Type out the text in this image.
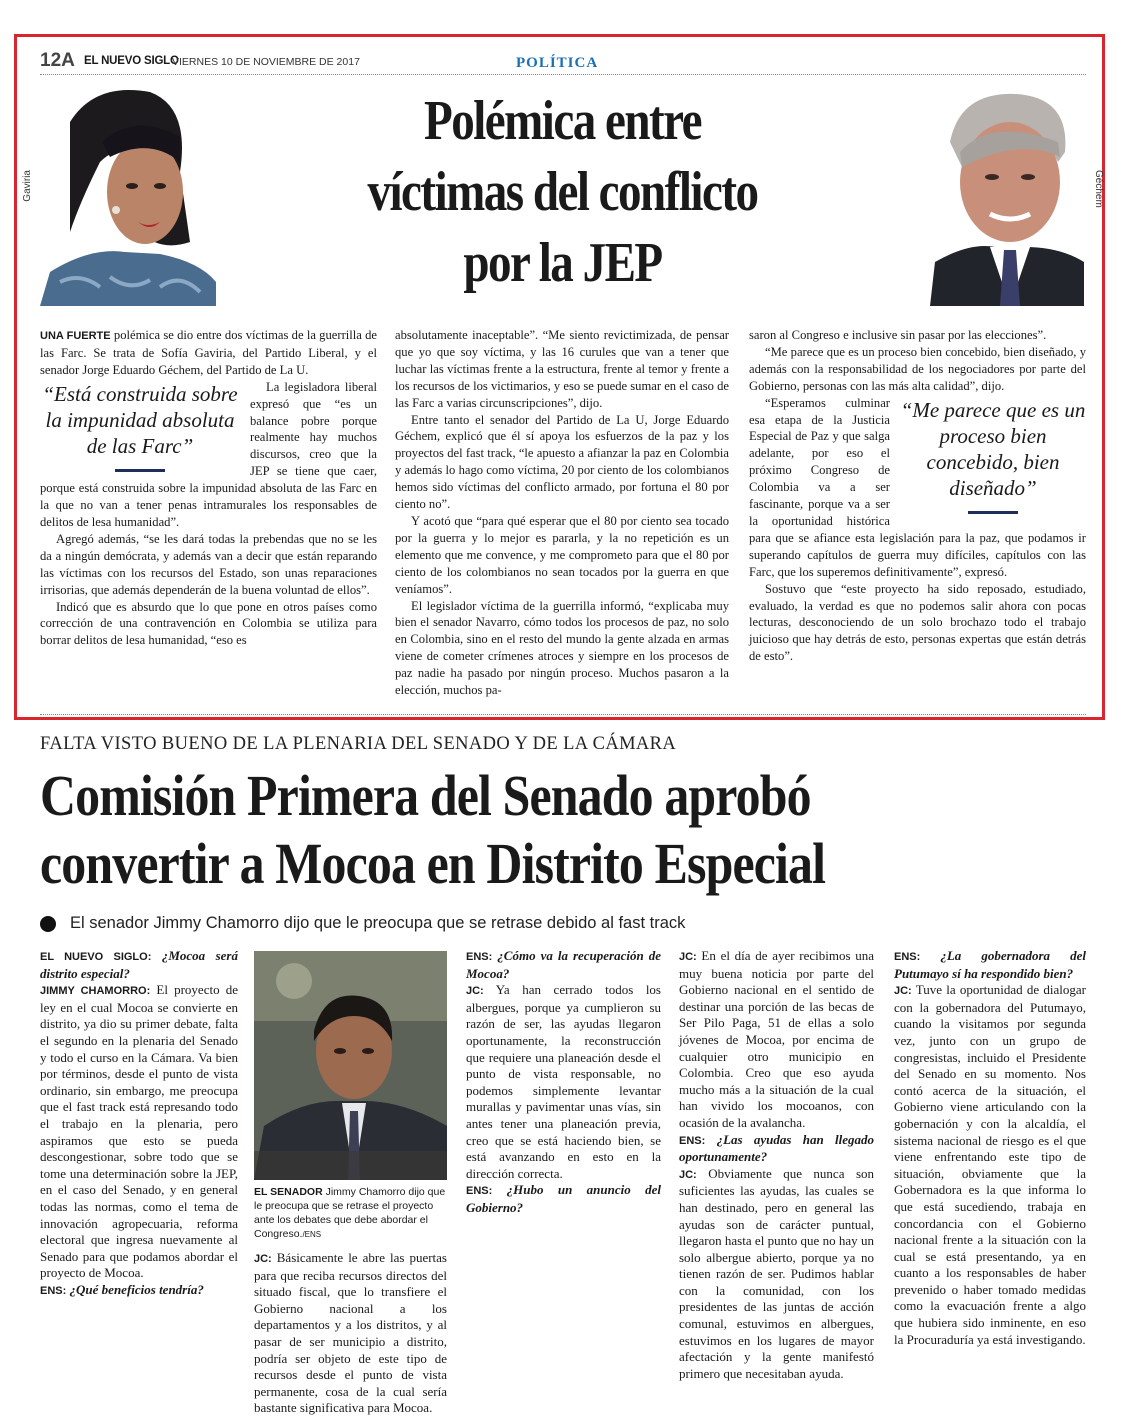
12A EL NUEVO SIGLO
VIERNES 10 DE NOVIEMBRE DE 2017	POLÍTICA
Gaviria	Géchem
Polémica entre víctimas del conflicto por la JEP

UNA FUERTE polémica se dio entre dos víctimas de la guerrilla de las Farc. Se trata de Sofía Gaviria, del Partido Liberal, y el senador Jorge Eduardo Géchem, del Partido de La U.

“Está construida sobre la impunidad absoluta de las Farc”

La legisladora liberal expresó que “es un balance pobre porque realmente hay muchos discursos, creo que la JEP se tiene que caer, porque está construida sobre la impunidad absoluta de las Farc en la que no van a tener penas intramurales los responsables de delitos de lesa humanidad”.

Agregó además, “se les dará todas la prebendas que no se les da a ningún demócrata, y además van a decir que están reparando las víctimas con los recursos del Estado, son unas reparaciones irrisorias, que además dependerán de la buena voluntad de ellos”.

Indicó que es absurdo que lo que pone en otros países como corrección de una contravención en Colombia se utiliza para borrar delitos de lesa humanidad, “eso es

absolutamente inaceptable”. “Me siento revictimizada, de pensar que yo que soy víctima, y las 16 curules que van a tener que luchar las víctimas frente a la estructura, frente al temor y frente a los recursos de los victimarios, y eso se puede sumar en el caso de las Farc a varias circunscripciones”, dijo.

Entre tanto el senador del Partido de La U, Jorge Eduardo Géchem, explicó que él sí apoya los esfuerzos de la paz y los proyectos del fast track, “le apuesto a afianzar la paz en Colombia y además lo hago como víctima, 20 por ciento de los colombianos hemos sido víctimas del conflicto armado, por fortuna el 80 por ciento no”.

Y acotó que “para qué esperar que el 80 por ciento sea tocado por la guerra y lo mejor es pararla, y la no repetición es un elemento que me convence, y me comprometo para que el 80 por ciento de los colombianos no sean tocados por la guerra en que veníamos”.

El legislador víctima de la guerrilla informó, “explicaba muy bien el senador Navarro, cómo todos los procesos de paz, no solo en Colombia, sino en el resto del mundo la gente alzada en armas viene de cometer crímenes atroces y siempre en los procesos de paz nadie ha pasado por ningún proceso. Muchos pasaron a la elección, muchos pa-

saron al Congreso e inclusive sin pasar por las elecciones”.

“Me parece que es un proceso bien concebido, bien diseñado, y además con la responsabilidad de los negociadores por parte del Gobierno, personas con las más alta calidad”, dijo.

“Me parece que es un proceso bien concebido, bien diseñado”

“Esperamos culminar esa etapa de la Justicia Especial de Paz y que salga adelante, por eso el próximo Congreso de Colombia va a ser fascinante, porque va a ser la oportunidad histórica para que se afiance esta legislación para la paz, que podamos ir superando capítulos de guerra muy difíciles, capítulos con las Farc, que los superemos definitivamente”, expresó.

Sostuvo que “este proyecto ha sido reposado, estudiado, evaluado, la verdad es que no podemos salir ahora con pocas lecturas, desconociendo de un solo brochazo todo el trabajo juicioso que hay detrás de esto, personas expertas que están detrás de esto”.

FALTA VISTO BUENO DE LA PLENARIA DEL SENADO Y DE LA CÁMARA
Comisión Primera del Senado aprobó
convertir a Mocoa en Distrito Especial
El senador Jimmy Chamorro dijo que le preocupa que se retrase debido al fast track
EL SENADOR Jimmy Chamorro dijo que le preocupa que se retrase el proyecto ante los debates que debe abordar el Congreso./ENS

EL NUEVO SIGLO: ¿Mocoa será distrito especial?

JIMMY CHAMORRO: El proyecto de ley en el cual Mocoa se convierte en distrito, ya dio su primer debate, falta el segundo en la plenaria del Senado y todo el curso en la Cámara. Va bien por términos, desde el punto de vista ordinario, sin embargo, me preocupa que el fast track está represando todo el trabajo en la plenaria, pero aspiramos que esto se pueda descongestionar, sobre todo que se tome una determinación sobre la JEP, en el caso del Senado, y en general todas las normas, como el tema de innovación agropecuaria, reforma electoral que ingresa nuevamente al Senado para que podamos abordar el proyecto de Mocoa.

ENS: ¿Qué beneficios tendría?

JC: Básicamente le abre las puertas para que reciba recursos directos del situado fiscal, que lo transfiere el Gobierno nacional a los departamentos y a los distritos, y al pasar de ser municipio a distrito, podría ser objeto de este tipo de recursos desde el punto de vista permanente, cosa de la cual sería bastante significativa para Mocoa.

ENS: ¿Cómo va la recuperación de Mocoa?

JC: Ya han cerrado todos los albergues, porque ya cumplieron su razón de ser, las ayudas llegaron oportunamente, la reconstrucción que requiere una planeación desde el punto de vista responsable, no podemos simplemente levantar murallas y pavimentar unas vías, sin antes tener una planeación previa, creo que se está haciendo bien, se está avanzando en esto en la dirección correcta.

ENS: ¿Hubo un anuncio del Gobierno?

JC: En el día de ayer recibimos una muy buena noticia por parte del Gobierno nacional en el sentido de destinar una porción de las becas de Ser Pilo Paga, 51 de ellas a solo jóvenes de Mocoa, por encima de cualquier otro municipio en Colombia. Creo que eso ayuda mucho más a la situación de la cual han vivido los mocoanos, con ocasión de la avalancha.

ENS: ¿Las ayudas han llegado oportunamente?

JC: Obviamente que nunca son suficientes las ayudas, las cuales se han destinado, pero en general las ayudas son de carácter puntual, llegaron hasta el punto que no hay un solo albergue abierto, porque ya no tienen razón de ser. Pudimos hablar con la comunidad, con los presidentes de las juntas de acción comunal, estuvimos en albergues, estuvimos en los lugares de mayor afectación y la gente manifestó primero que necesitaban ayuda.

ENS: ¿La gobernadora del Putumayo sí ha respondido bien?

JC: Tuve la oportunidad de dialogar con la gobernadora del Putumayo, cuando la visitamos por segunda vez, junto con un grupo de congresistas, incluido el Presidente del Senado en su momento. Nos contó acerca de la situación, el Gobierno viene articulando con la gobernación y con la alcaldía, el sistema nacional de riesgo es el que viene enfrentando este tipo de situación, obviamente que la Gobernadora es la que informa lo que está sucediendo, trabaja en concordancia con el Gobierno nacional frente a la situación con la cual se está presentando, ya en cuanto a los responsables de haber prevenido o haber tomado medidas como la evacuación frente a algo que hubiera sido inminente, en eso la Procuraduría ya está investigando.
